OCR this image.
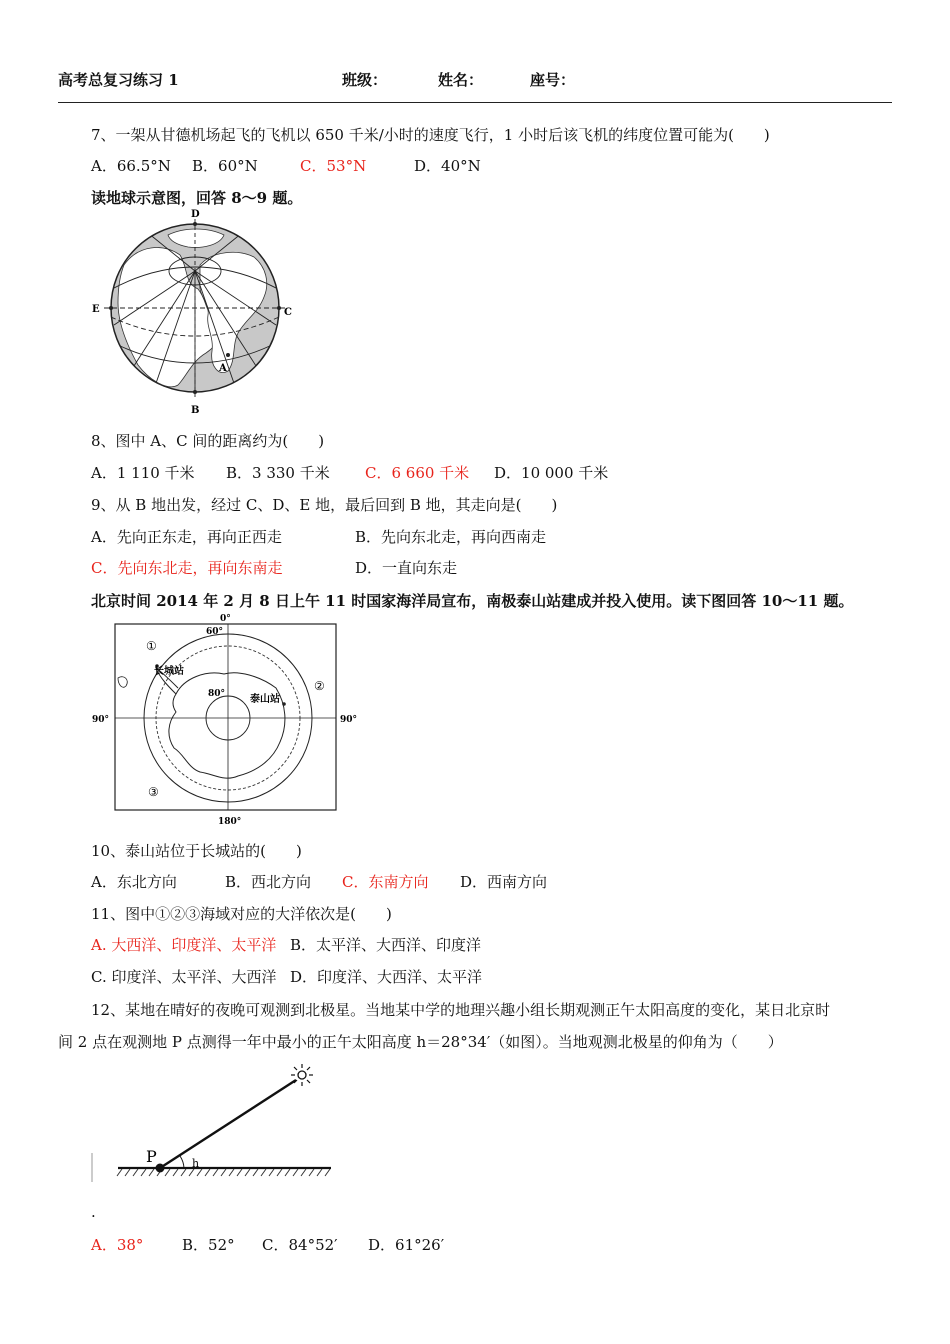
高考总复习练习 1	班级：	姓名：	座号：
7、一架从甘德机场起飞的飞机以 650 千米/小时的速度飞行，1 小时后该飞机的纬度位置可能为(　　)
A．66.5°N B．60°N	C．53°N	D．40°N
读地球示意图，回答 8～9 题。
D
E	C
A
B
8、图中 A、C 间的距离约为(　　)
A．1 110 千米 B．3 330 千米 C．6 660 千米 D．10 000 千米
9、从 B 地出发，经过 C、D、E 地，最后回到 B 地，其走向是(　　)
A．先向正东走，再向正西走	B．先向东北走，再向西南走
C．先向东北走，再向东南走	D．一直向东走
北京时间 2014 年 2 月 8 日上午 11 时国家海洋局宣布，南极泰山站建成并投入使用。读下图回答 10～11 题。
0°
180°
90°	90°
60°
80°
长城站
泰山站
①
②
③
10、泰山站位于长城站的(　　)
A．东北方向	B．西北方向 C．东南方向 D．西南方向
11、图中①②③海域对应的大洋依次是(　　)
A. 大西洋、印度洋、太平洋 B．太平洋、大西洋、印度洋
C. 印度洋、太平洋、大西洋 D．印度洋、大西洋、太平洋
12、某地在晴好的夜晚可观测到北极星。当地某中学的地理兴趣小组长期观测正午太阳高度的变化，某日北京时
间 2 点在观测地 P 点测得一年中最小的正午太阳高度 h＝28°34′（如图）。当地观测北极星的仰角为（　　）
P	h
.
A．38°	B．52° C．84°52′ D．61°26′
